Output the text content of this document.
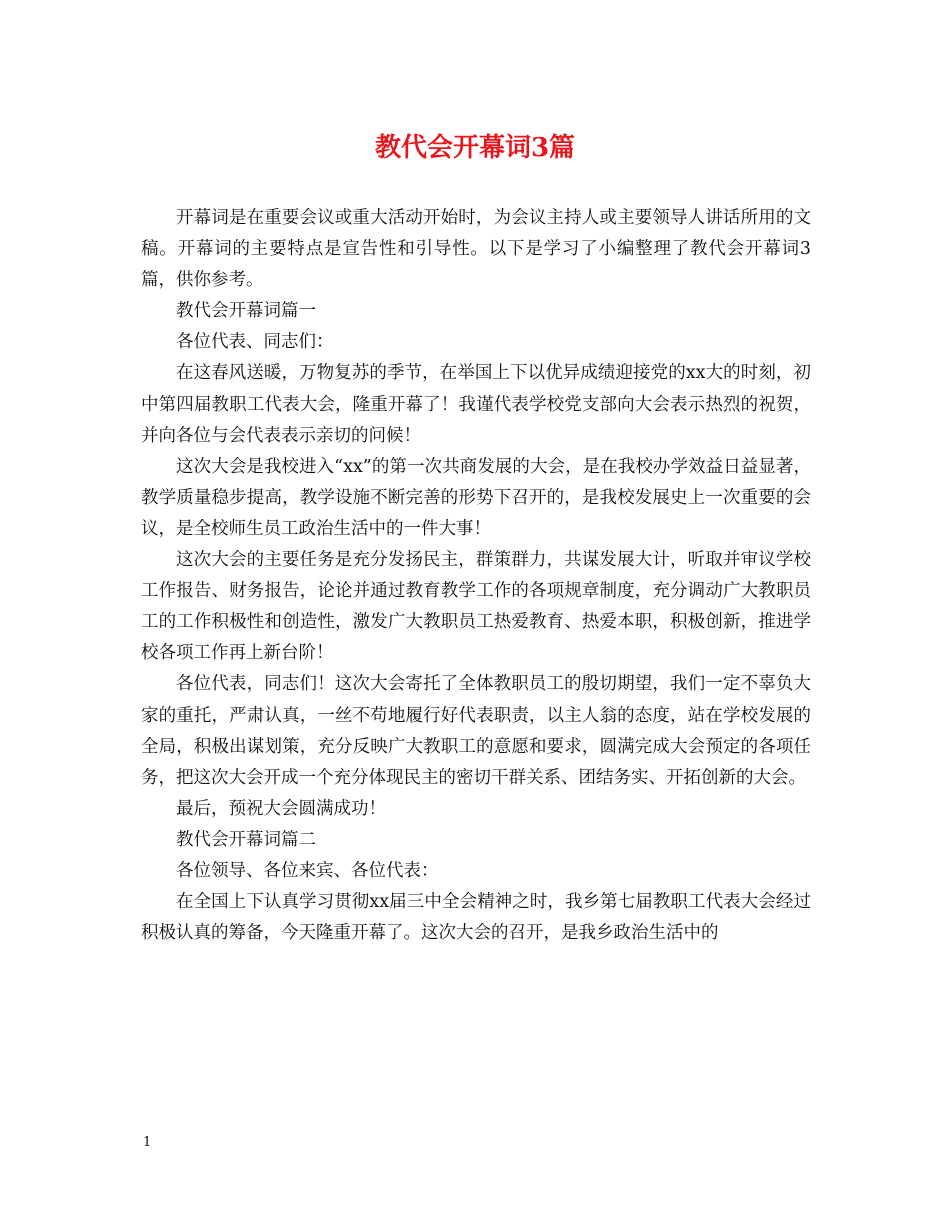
教代会开幕词3篇

开幕词是在重要会议或重大活动开始时，为会议主持人或主要领导人讲话所用的文稿。开幕词的主要特点是宣告性和引导性。以下是学习了小编整理了教代会开幕词3篇，供你参考。

教代会开幕词篇一

各位代表、同志们：

在这春风送暖，万物复苏的季节，在举国上下以优异成绩迎接党的xx大的时刻，初中第四届教职工代表大会，隆重开幕了！我谨代表学校党支部向大会表示热烈的祝贺，并向各位与会代表表示亲切的问候！

这次大会是我校进入“xx”的第一次共商发展的大会，是在我校办学效益日益显著，教学质量稳步提高，教学设施不断完善的形势下召开的，是我校发展史上一次重要的会议，是全校师生员工政治生活中的一件大事！

这次大会的主要任务是充分发扬民主，群策群力，共谋发展大计，听取并审议学校工作报告、财务报告，论论并通过教育教学工作的各项规章制度，充分调动广大教职员工的工作积极性和创造性，激发广大教职员工热爱教育、热爱本职，积极创新，推进学校各项工作再上新台阶！

各位代表，同志们！这次大会寄托了全体教职员工的殷切期望，我们一定不辜负大家的重托，严肃认真，一丝不苟地履行好代表职责，以主人翁的态度，站在学校发展的全局，积极出谋划策，充分反映广大教职工的意愿和要求，圆满完成大会预定的各项任务，把这次大会开成一个充分体现民主的密切干群关系、团结务实、开拓创新的大会。

最后，预祝大会圆满成功！

教代会开幕词篇二

各位领导、各位来宾、各位代表：

在全国上下认真学习贯彻xx届三中全会精神之时，我乡第七届教职工代表大会经过积极认真的筹备，今天隆重开幕了。这次大会的召开，是我乡政治生活中的

1
